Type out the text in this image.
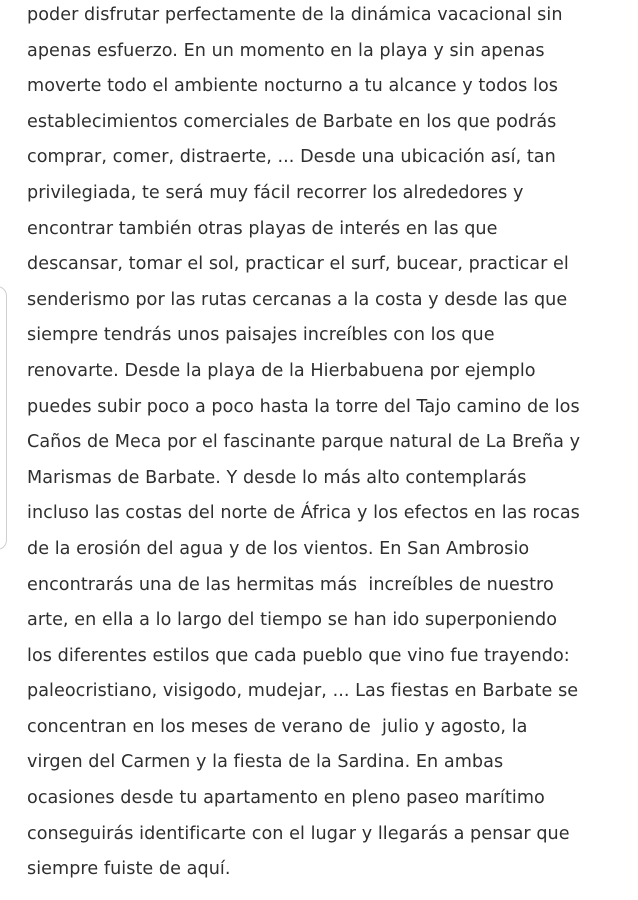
poder disfrutar perfectamente de la dinámica vacacional sin
apenas esfuerzo. En un momento en la playa y sin apenas
moverte todo el ambiente nocturno a tu alcance y todos los
establecimientos comerciales de Barbate en los que podrás
comprar, comer, distraerte, ... Desde una ubicación así, tan
privilegiada, te será muy fácil recorrer los alrededores y
encontrar también otras playas de interés en las que
descansar, tomar el sol, practicar el surf, bucear, practicar el
senderismo por las rutas cercanas a la costa y desde las que
siempre tendrás unos paisajes increíbles con los que
renovarte. Desde la playa de la Hierbabuena por ejemplo
puedes subir poco a poco hasta la torre del Tajo camino de los
Caños de Meca por el fascinante parque natural de La Breña y
Marismas de Barbate. Y desde lo más alto contemplarás
incluso las costas del norte de África y los efectos en las rocas
de la erosión del agua y de los vientos. En San Ambrosio
encontrarás una de las hermitas más  increíbles de nuestro
arte, en ella a lo largo del tiempo se han ido superponiendo
los diferentes estilos que cada pueblo que vino fue trayendo:
paleocristiano, visigodo, mudejar, ... Las fiestas en Barbate se
concentran en los meses de verano de  julio y agosto, la
virgen del Carmen y la fiesta de la Sardina. En ambas
ocasiones desde tu apartamento en pleno paseo marítimo
conseguirás identificarte con el lugar y llegarás a pensar que
siempre fuiste de aquí.
